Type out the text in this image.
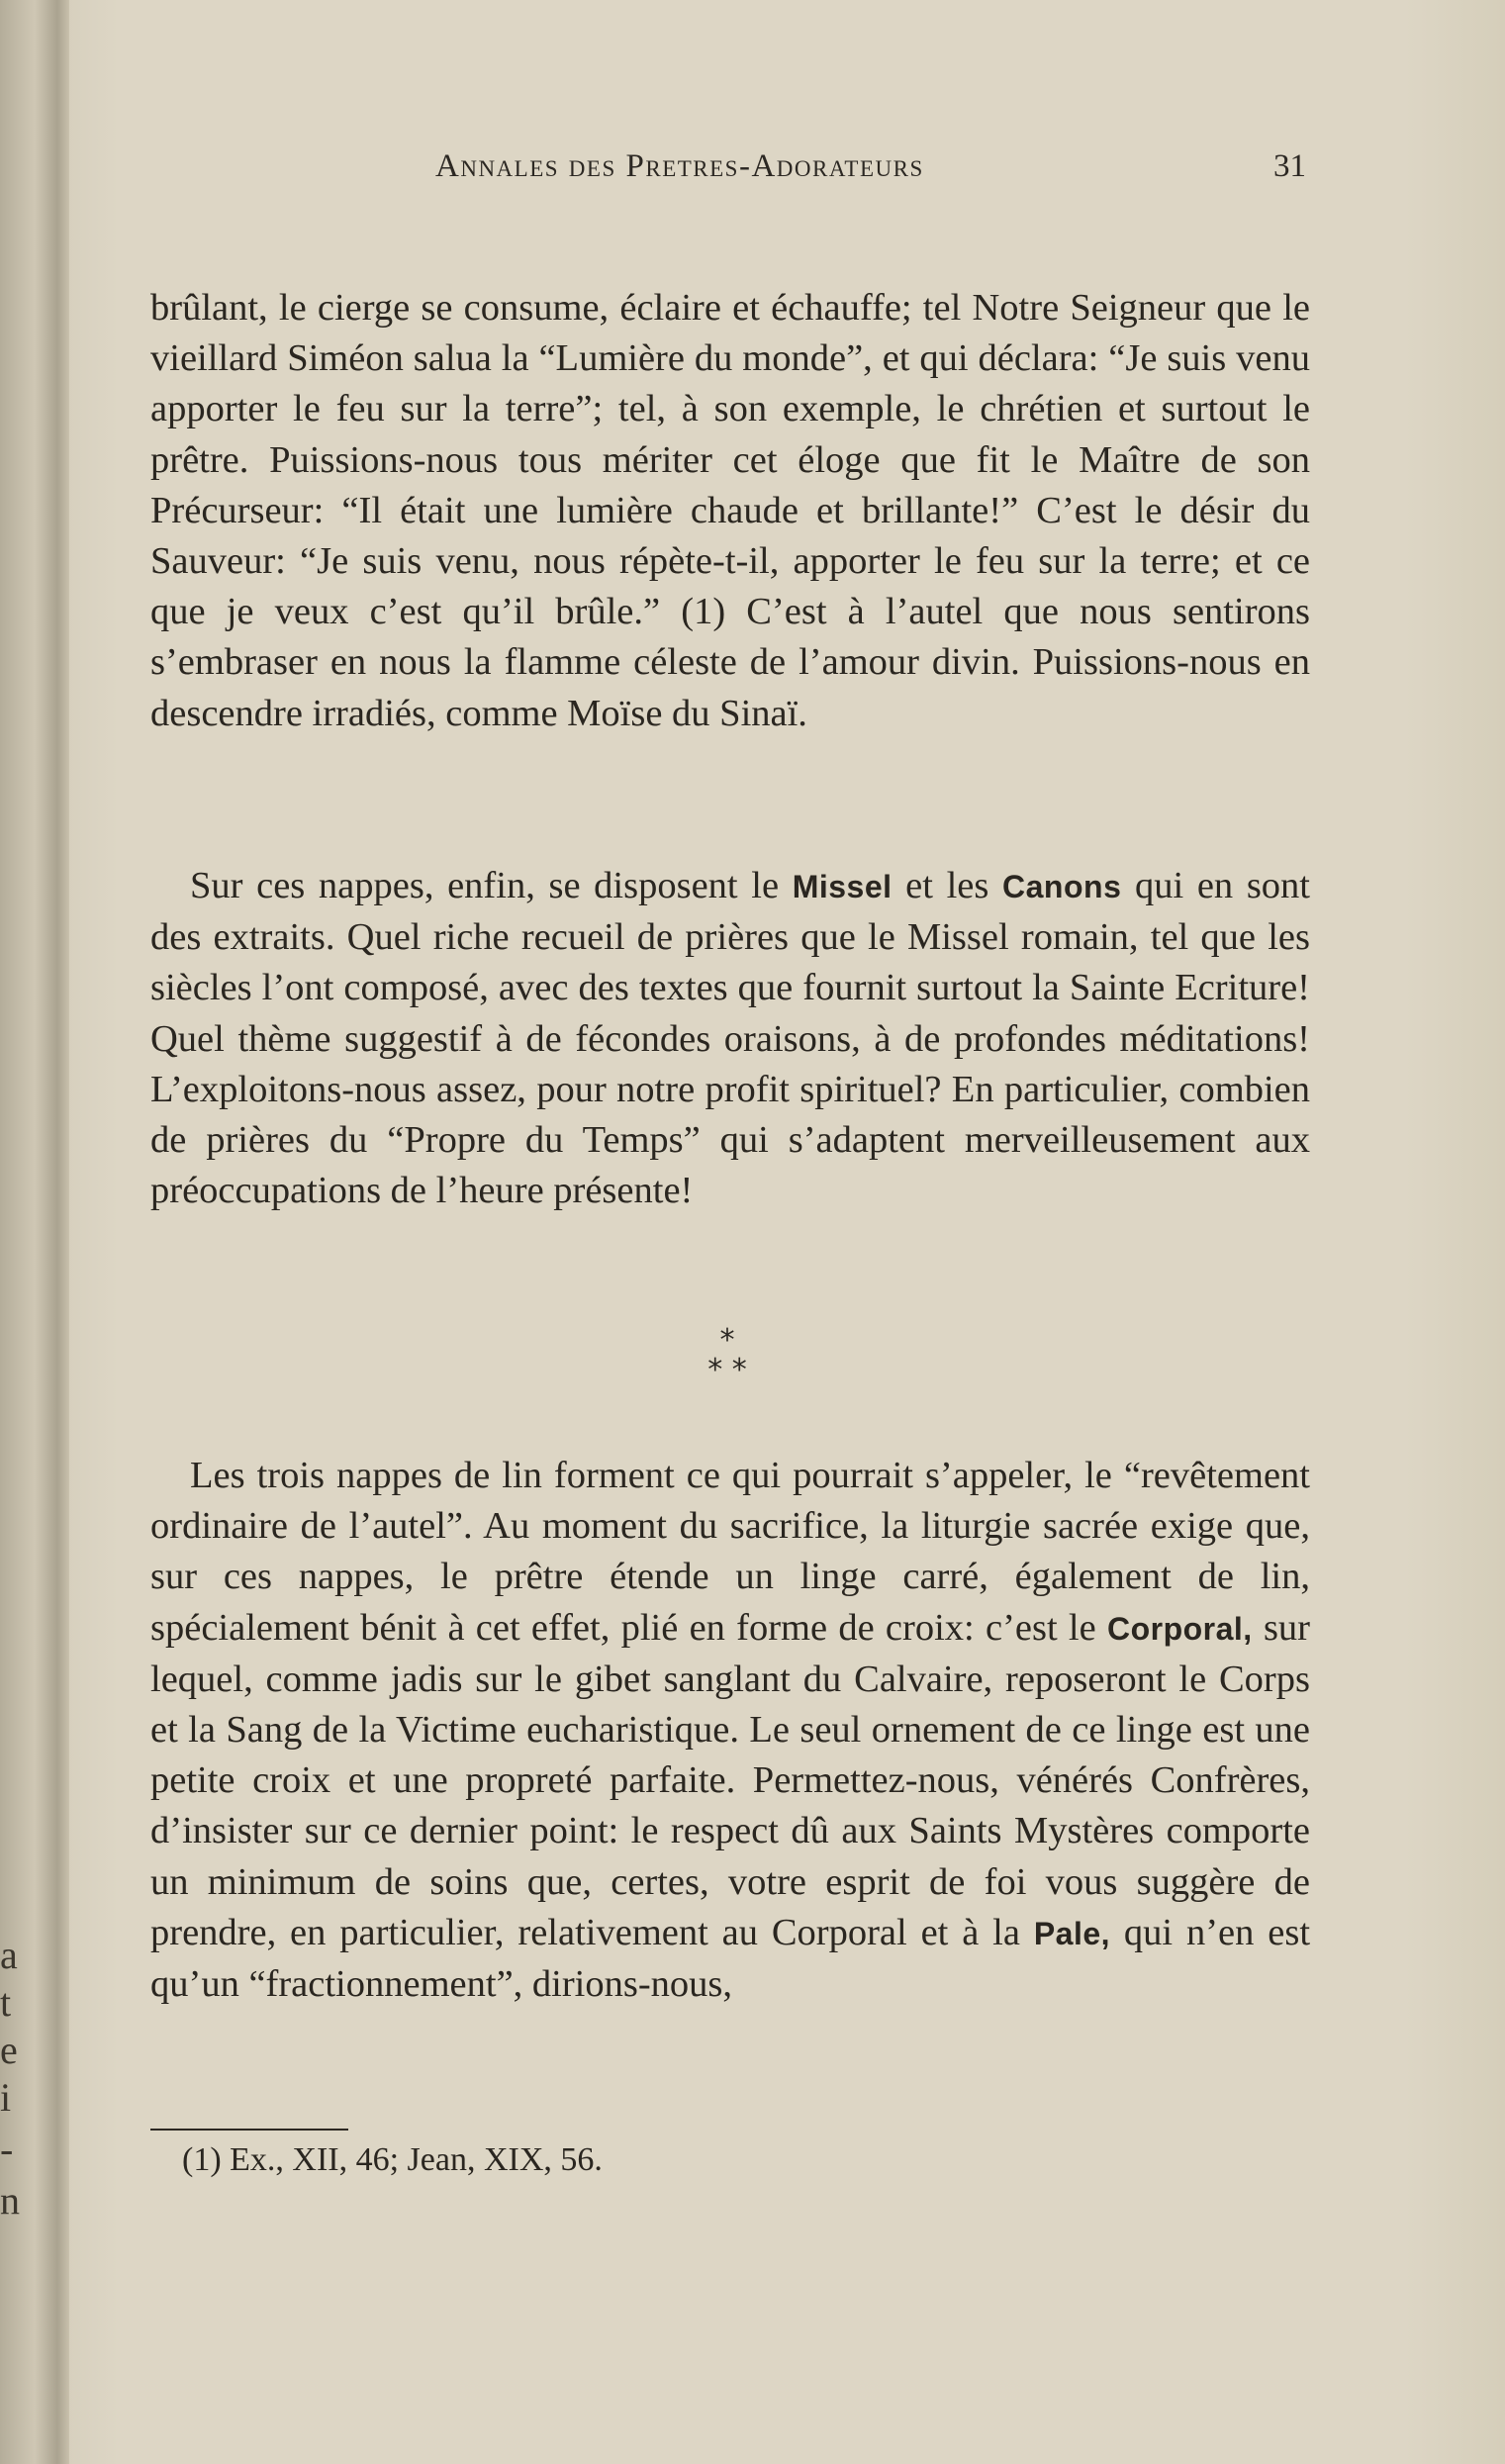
a
t
e
i
-
n
Annales des Pretres-Adorateurs	31

brûlant, le cierge se consume, éclaire et échauffe; tel Notre Seigneur que le vieillard Siméon salua la “Lumière du monde”, et qui déclara: “Je suis venu apporter le feu sur la terre”; tel, à son exemple, le chrétien et surtout le prêtre. Puissions-nous tous mériter cet éloge que fit le Maître de son Précurseur: “Il était une lumière chaude et brillante!” C’est le désir du Sauveur: “Je suis venu, nous répète-t-il, apporter le feu sur la terre; et ce que je veux c’est qu’il brûle.” (1) C’est à l’autel que nous sentirons s’embraser en nous la flamme céleste de l’amour divin. Puissions-nous en descendre irradiés, comme Moïse du Sinaï.

Sur ces nappes, enfin, se disposent le Missel et les Canons qui en sont des extraits. Quel riche recueil de prières que le Missel romain, tel que les siècles l’ont composé, avec des textes que fournit surtout la Sainte Ecriture! Quel thème suggestif à de fécondes oraisons, à de profondes méditations! L’exploitons-nous assez, pour notre profit spirituel? En particulier, combien de prières du “Propre du Temps” qui s’adaptent merveilleusement aux préoccupations de l’heure présente!

*
* *

Les trois nappes de lin forment ce qui pourrait s’appeler, le “revêtement ordinaire de l’autel”. Au moment du sacrifice, la liturgie sacrée exige que, sur ces nappes, le prêtre étende un linge carré, également de lin, spécialement bénit à cet effet, plié en forme de croix: c’est le Corporal, sur lequel, comme jadis sur le gibet sanglant du Calvaire, reposeront le Corps et la Sang de la Victime eucharistique. Le seul ornement de ce linge est une petite croix et une propreté parfaite. Permettez-nous, vénérés Confrères, d’insister sur ce dernier point: le respect dû aux Saints Mystères comporte un minimum de soins que, certes, votre esprit de foi vous suggère de prendre, en particulier, relativement au Corporal et à la Pale, qui n’en est qu’un “fractionnement”, dirions-nous,

(1) Ex., XII, 46; Jean, XIX, 56.
